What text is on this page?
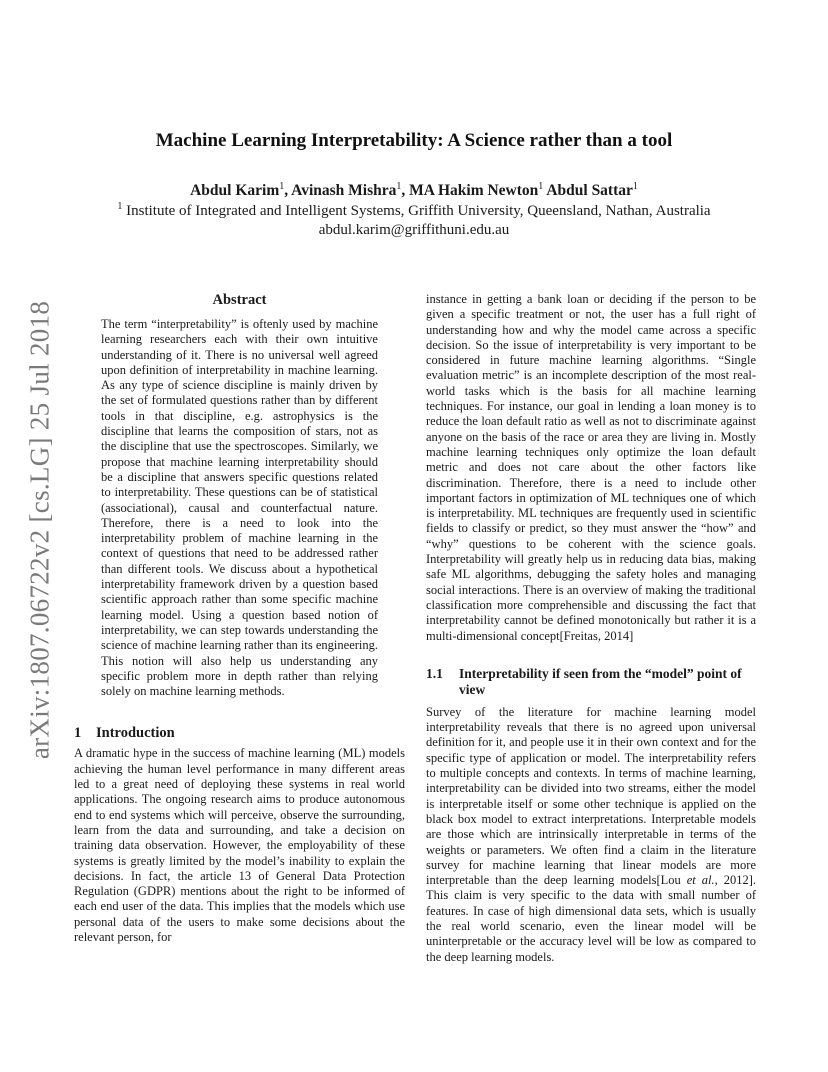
arXiv:1807.06722v2 [cs.LG] 25 Jul 2018
Machine Learning Interpretability: A Science rather than a tool
Abdul Karim$^1$, Avinash Mishra$^1$, MA Hakim Newton$^1$ Abdul Sattar$^1$
$^1$ Institute of Integrated and Intelligent Systems, Griffith University, Queensland, Nathan, Australia
abdul.karim@griffithuni.edu.au
Abstract

The term “interpretability” is oftenly used by machine learning researchers each with their own intuitive understanding of it. There is no universal well agreed upon definition of interpretability in machine learning. As any type of science discipline is mainly driven by the set of formulated questions rather than by different tools in that discipline, e.g. astrophysics is the discipline that learns the composition of stars, not as the discipline that use the spectroscopes. Similarly, we propose that machine learning interpretability should be a discipline that answers specific questions related to interpretability. These questions can be of statistical (associational), causal and counterfactual nature. Therefore, there is a need to look into the interpretability problem of machine learning in the context of questions that need to be addressed rather than different tools. We discuss about a hypothetical interpretability framework driven by a question based scientific approach rather than some specific machine learning model. Using a question based notion of interpretability, we can step towards understanding the science of machine learning rather than its engineering. This notion will also help us understanding any specific problem more in depth rather than relying solely on machine learning methods.

1 Introduction

A dramatic hype in the success of machine learning (ML) models achieving the human level performance in many different areas led to a great need of deploying these systems in real world applications. The ongoing research aims to produce autonomous end to end systems which will perceive, observe the surrounding, learn from the data and surrounding, and take a decision on training data observation. However, the employability of these systems is greatly limited by the model’s inability to explain the decisions. In fact, the article 13 of General Data Protection Regulation (GDPR) mentions about the right to be informed of each end user of the data. This implies that the models which use personal data of the users to make some decisions about the relevant person, for

instance in getting a bank loan or deciding if the person to be given a specific treatment or not, the user has a full right of understanding how and why the model came across a specific decision. So the issue of interpretability is very important to be considered in future machine learning algorithms. “Single evaluation metric” is an incomplete description of the most real-world tasks which is the basis for all machine learning techniques. For instance, our goal in lending a loan money is to reduce the loan default ratio as well as not to discriminate against anyone on the basis of the race or area they are living in. Mostly machine learning techniques only optimize the loan default metric and does not care about the other factors like discrimination. Therefore, there is a need to include other important factors in optimization of ML techniques one of which is interpretability. ML techniques are frequently used in scientific fields to classify or predict, so they must answer the “how” and “why” questions to be coherent with the science goals. Interpretability will greatly help us in reducing data bias, making safe ML algorithms, debugging the safety holes and managing social interactions. There is an overview of making the traditional classification more comprehensible and discussing the fact that interpretability cannot be defined monotonically but rather it is a multi-dimensional concept[Freitas, 2014]

1.1	Interpretability if seen from the “model” point of view

Survey of the literature for machine learning model interpretability reveals that there is no agreed upon universal definition for it, and people use it in their own context and for the specific type of application or model. The interpretability refers to multiple concepts and contexts. In terms of machine learning, interpretability can be divided into two streams, either the model is interpretable itself or some other technique is applied on the black box model to extract interpretations. Interpretable models are those which are intrinsically interpretable in terms of the weights or parameters. We often find a claim in the literature survey for machine learning that linear models are more interpretable than the deep learning models[Lou et al., 2012]. This claim is very specific to the data with small number of features. In case of high dimensional data sets, which is usually the real world scenario, even the linear model will be uninterpretable or the accuracy level will be low as compared to the deep learning models.
